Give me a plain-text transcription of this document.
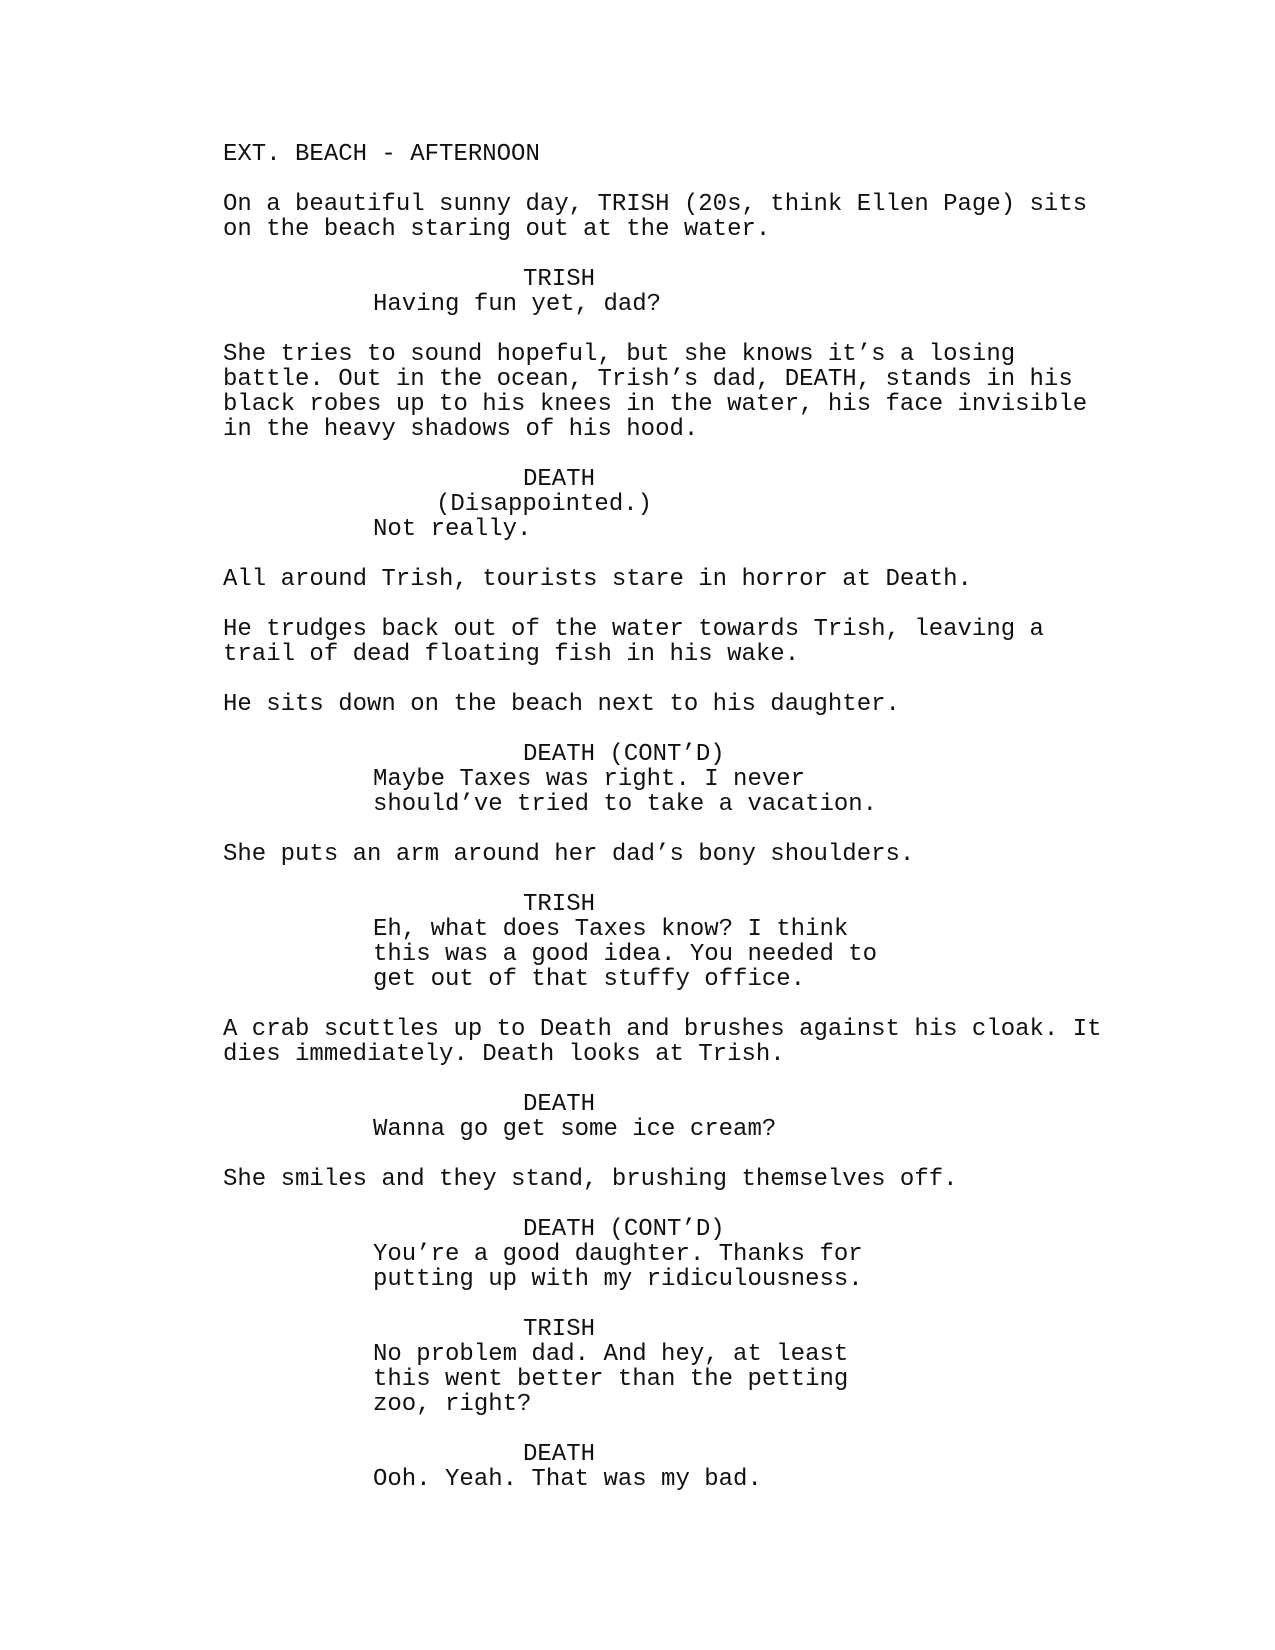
EXT. BEACH - AFTERNOON
On a beautiful sunny day, TRISH (20s, think Ellen Page) sits
on the beach staring out at the water.
TRISH
Having fun yet, dad?
She tries to sound hopeful, but she knows it’s a losing
battle. Out in the ocean, Trish’s dad, DEATH, stands in his
black robes up to his knees in the water, his face invisible
in the heavy shadows of his hood.
DEATH
(Disappointed.)
Not really.
All around Trish, tourists stare in horror at Death.
He trudges back out of the water towards Trish, leaving a
trail of dead floating fish in his wake.
He sits down on the beach next to his daughter.
DEATH (CONT’D)
Maybe Taxes was right. I never
should’ve tried to take a vacation.
She puts an arm around her dad’s bony shoulders.
TRISH
Eh, what does Taxes know? I think
this was a good idea. You needed to
get out of that stuffy office.
A crab scuttles up to Death and brushes against his cloak. It
dies immediately. Death looks at Trish.
DEATH
Wanna go get some ice cream?
She smiles and they stand, brushing themselves off.
DEATH (CONT’D)
You’re a good daughter. Thanks for
putting up with my ridiculousness.
TRISH
No problem dad. And hey, at least
this went better than the petting
zoo, right?
DEATH
Ooh. Yeah. That was my bad.
